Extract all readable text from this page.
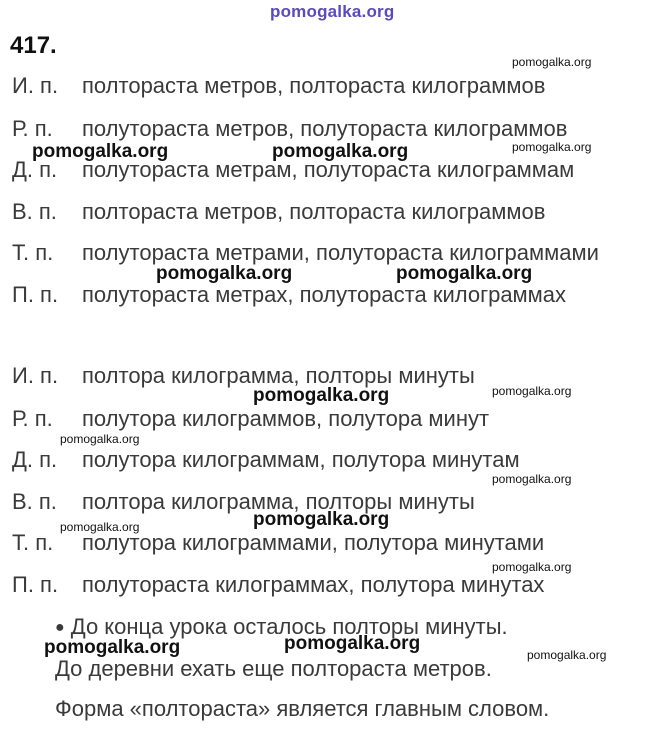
pomogalka.org
417.
И. п. полтораста метров, полтораста килограммов
Р. п. полутораста метров, полутораста килограммов
Д. п. полутораста метрам, полутораста килограммам
В. п. полтораста метров, полтораста килограммов
Т. п. полутораста метрами, полутораста килограммами
П. п. полутораста метрах, полутораста килограммах
И. п. полтора килограмма, полторы минуты
Р. п. полутора килограммов, полутора минут
Д. п. полутора килограммам, полутора минутам
В. п. полтора килограмма, полторы минуты
Т. п. полутора килограммами, полутора минутами
П. п. полутораста килограммах, полутора минутах
● До конца урока осталось полторы минуты.
До деревни ехать еще полтораста метров.
Форма «полтораста» является главным словом.
pomogalka.org	pomogalka.org
pomogalka.org	pomogalka.org
pomogalka.org
pomogalka.org
pomogalka.org	pomogalka.org
pomogalka.org
pomogalka.org
pomogalka.org
pomogalka.org
pomogalka.org
pomogalka.org
pomogalka.org
pomogalka.org
